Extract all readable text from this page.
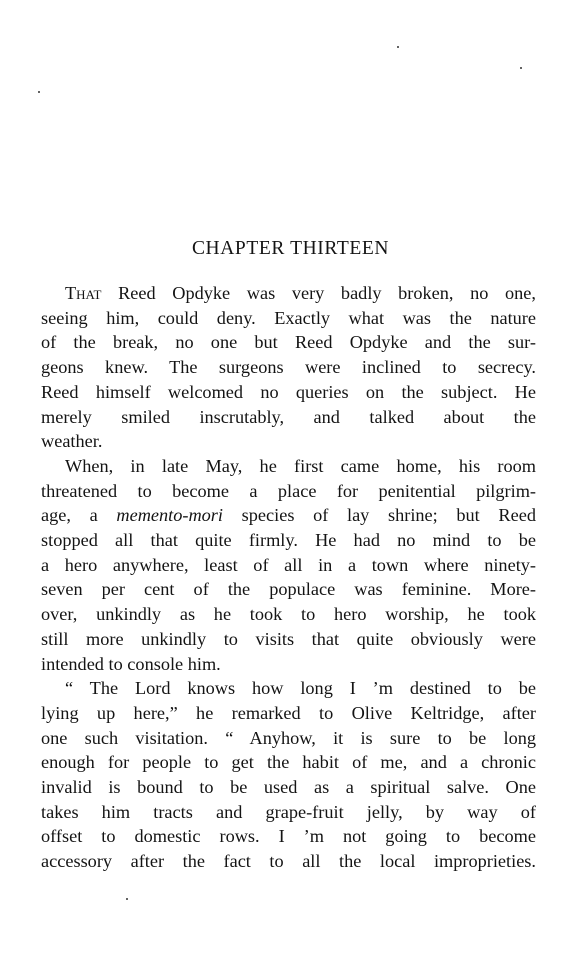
CHAPTER THIRTEEN
That Reed Opdyke was very badly broken, no one,
seeing him, could deny. Exactly what was the nature
of the break, no one but Reed Opdyke and the sur-
geons knew. The surgeons were inclined to secrecy.
Reed himself welcomed no queries on the subject. He
merely smiled inscrutably, and talked about the
weather.
When, in late May, he first came home, his room
threatened to become a place for penitential pilgrim-
age, a memento-mori species of lay shrine; but Reed
stopped all that quite firmly. He had no mind to be
a hero anywhere, least of all in a town where ninety-
seven per cent of the populace was feminine. More-
over, unkindly as he took to hero worship, he took
still more unkindly to visits that quite obviously were
intended to console him.
“ The Lord knows how long I ’m destined to be
lying up here,” he remarked to Olive Keltridge, after
one such visitation. “ Anyhow, it is sure to be long
enough for people to get the habit of me, and a chronic
invalid is bound to be used as a spiritual salve. One
takes him tracts and grape-fruit jelly, by way of
offset to domestic rows. I ’m not going to become
accessory after the fact to all the local improprieties.
